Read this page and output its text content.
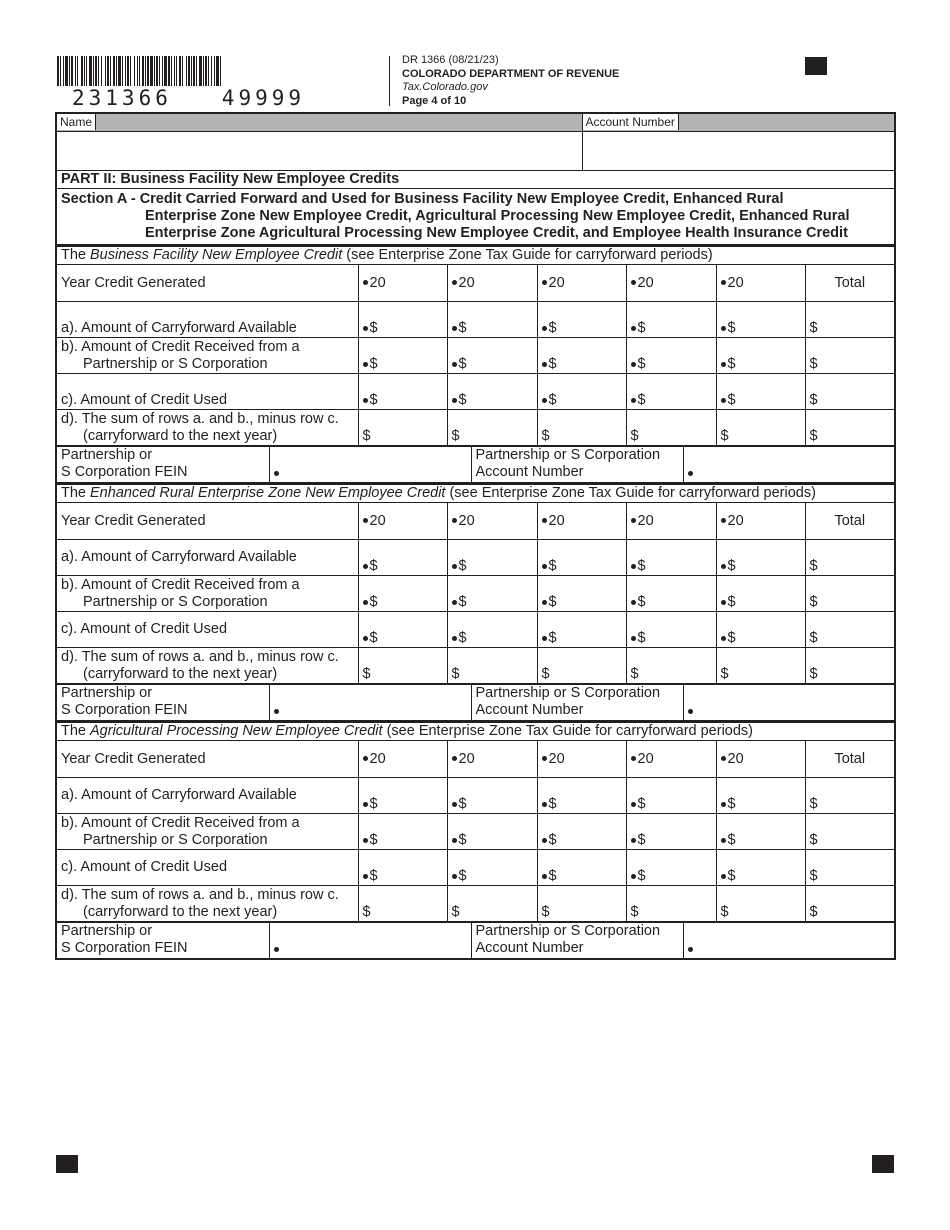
231366 49999
DR 1366 (08/21/23)
COLORADO DEPARTMENT OF REVENUE
Tax.Colorado.gov
Page 4 of 10
Name	Account Number

PART II: Business Facility New Employee Credits	
Section A - Credit Carried Forward and Used for Business Facility New Employee Credit, Enhanced Rural
Enterprise Zone New Employee Credit, Agricultural Processing New Employee Credit, Enhanced Rural Enterprise Zone Agricultural Processing New Employee Credit, and Employee Health Insurance Credit	
The Business Facility New Employee Credit (see Enterprise Zone Tax Guide for carryforward periods)						
Year Credit Generated	20	20	20	20	20	Total
a). Amount of Carryforward Available	$	$	$	$	$	$
b). Amount of Credit Received from a
Partnership or S Corporation	$	$	$	$	$	$
c). Amount of Credit Used	$	$	$	$	$	$
d). The sum of rows a. and b., minus row c.
(carryforward to the next year)	$	$	$	$	$	$
Partnership or
S Corporation FEIN		Partnership or S Corporation
Account Number	
The Enhanced Rural Enterprise Zone New Employee Credit (see Enterprise Zone Tax Guide for carryforward periods)						
Year Credit Generated	20	20	20	20	20	Total
a). Amount of Carryforward Available	$	$	$	$	$	$
b). Amount of Credit Received from a
Partnership or S Corporation	$	$	$	$	$	$
c). Amount of Credit Used	$	$	$	$	$	$
d). The sum of rows a. and b., minus row c.
(carryforward to the next year)	$	$	$	$	$	$
Partnership or
S Corporation FEIN		Partnership or S Corporation
Account Number	
The Agricultural Processing New Employee Credit (see Enterprise Zone Tax Guide for carryforward periods)						
Year Credit Generated	20	20	20	20	20	Total
a). Amount of Carryforward Available	$	$	$	$	$	$
b). Amount of Credit Received from a
Partnership or S Corporation	$	$	$	$	$	$
c). Amount of Credit Used	$	$	$	$	$	$
d). The sum of rows a. and b., minus row c.
(carryforward to the next year)	$	$	$	$	$	$
Partnership or
S Corporation FEIN		Partnership or S Corporation
Account Number	
